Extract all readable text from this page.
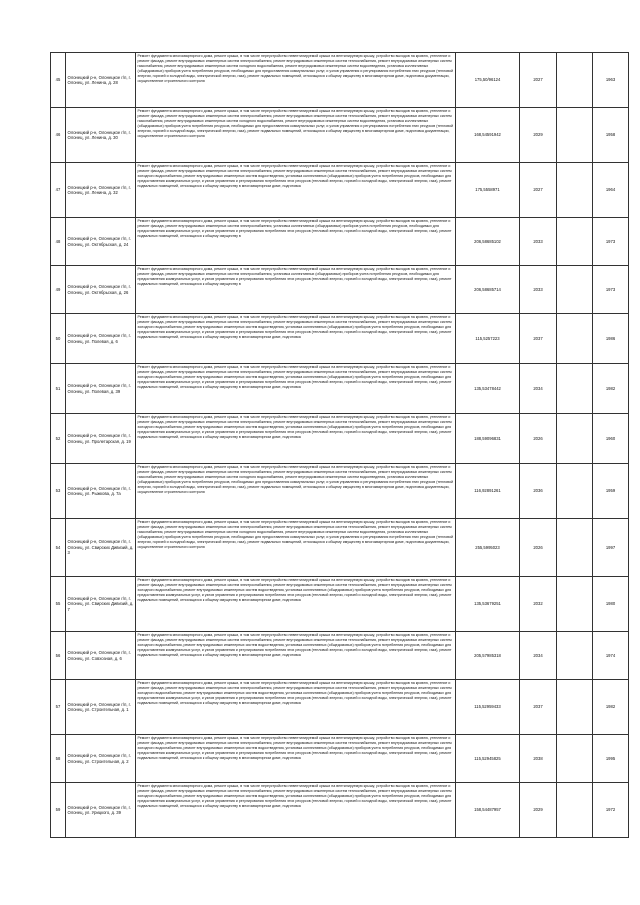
45	Олонецкий р-н, Олонецкое г/п, г. Олонец, ул. Ленина, д. 28	Ремонт фундамента многоквартирного дома, ремонт крыши, в том числе переустройство невентилируемой крыши на вентилируемую крышу, устройство выходов на кровлю, утепление и ремонт фасада, ремонт внутридомовых инженерных систем электроснабжения, ремонт внутридомовых инженерных систем теплоснабжения, ремонт внутридомовых инженерных систем газоснабжения, ремонт внутридомовых инженерных систем холодного водоснабжения, ремонт внутридомовых инженерных систем водоотведения, установка коллективных (общедомовых) приборов учета потребления ресурсов, необходимых для предоставления коммунальных услуг, и узлов управления и регулирования потребления этих ресурсов (тепловой энергии, горячей и холодной воды, электрической энергии, газа), ремонт подвальных помещений, относящихся к общему имуществу в многоквартирном доме, подготовка документации, осуществление строительного контроля	175,50/96124	2027		1963
46	Олонецкий р-н, Олонецкое г/п, г. Олонец, ул. Ленина, д. 30	Ремонт фундамента многоквартирного дома, ремонт крыши, в том числе переустройство невентилируемой крыши на вентилируемую крышу, устройство выходов на кровлю, утепление и ремонт фасада, ремонт внутридомовых инженерных систем электроснабжения, ремонт внутридомовых инженерных систем теплоснабжения, ремонт внутридомовых инженерных систем газоснабжения, ремонт внутридомовых инженерных систем холодного водоснабжения, ремонт внутридомовых инженерных систем водоотведения, установка коллективных (общедомовых) приборов учета потребления ресурсов, необходимых для предоставления коммунальных услуг, и узлов управления и регулирования потребления этих ресурсов (тепловой энергии, горячей и холодной воды, электрической энергии, газа), ремонт подвальных помещений, относящихся к общему имуществу в многоквартирном доме, подготовка документации, осуществление строительного контроля	168,54591942	2029		1958
47	Олонецкий р-н, Олонецкое г/п, г. Олонец, ул. Ленина, д. 32	Ремонт фундамента многоквартирного дома, ремонт крыши, в том числе переустройство невентилируемой крыши на вентилируемую крышу, устройство выходов на кровлю, утепление и ремонт фасада, ремонт внутридомовых инженерных систем электроснабжения, ремонт внутридомовых инженерных систем теплоснабжения, ремонт внутридомовых инженерных систем холодного водоснабжения, ремонт внутридомовых инженерных систем водоотведения, установка коллективных (общедомовых) приборов учета потребления ресурсов, необходимых для предоставления коммунальных услуг, и узлов управления и регулирования потребления этих ресурсов (тепловой энергии, горячей и холодной воды, электрической энергии, газа), ремонт подвальных помещений, относящихся к общему имуществу в многоквартирном доме, подготовка	175,5558971	2027		1964
48	Олонецкий р-н, Олонецкое г/п, г. Олонец, ул. Октябрьская, д. 24	Ремонт фундамента многоквартирного дома, ремонт крыши, в том числе переустройство невентилируемой крыши на вентилируемую крышу, устройство выходов на кровлю, утепление и ремонт фасада, ремонт внутридомовых инженерных систем электроснабжения, установка коллективных (общедомовых) приборов учета потребления ресурсов, необходимых для предоставления коммунальных услуг, и узлов управления и регулирования потребления этих ресурсов (тепловой энергии, горячей и холодной воды, электрической энергии, газа), ремонт подвальных помещений, относящихся к общему имуществу в	206,58685102	2033		1973
49	Олонецкий р-н, Олонецкое г/п, г. Олонец, ул. Октябрьская, д. 26	Ремонт фундамента многоквартирного дома, ремонт крыши, в том числе переустройство невентилируемой крыши на вентилируемую крышу, устройство выходов на кровлю, утепление и ремонт фасада, ремонт внутридомовых инженерных систем электроснабжения, установка коллективных (общедомовых) приборов учета потребления ресурсов, необходимых для предоставления коммунальных услуг, и узлов управления и регулирования потребления этих ресурсов (тепловой энергии, горячей и холодной воды, электрической энергии, газа), ремонт подвальных помещений, относящихся к общему имуществу в	206,58685714	2033		1973
50	Олонецкий р-н, Олонецкое г/п, г. Олонец, ул. Полевая, д. 6	Ремонт фундамента многоквартирного дома, ремонт крыши, в том числе переустройство невентилируемой крыши на вентилируемую крышу, устройство выходов на кровлю, утепление и ремонт фасада, ремонт внутридомовых инженерных систем электроснабжения, ремонт внутридомовых инженерных систем теплоснабжения, ремонт внутридомовых инженерных систем холодного водоснабжения, ремонт внутридомовых инженерных систем водоотведения, установка коллективных (общедомовых) приборов учета потребления ресурсов, необходимых для предоставления коммунальных услуг, и узлов управления и регулирования потребления этих ресурсов (тепловой энергии, горячей и холодной воды, электрической энергии, газа), ремонт подвальных помещений, относящихся к общему имуществу в многоквартирном доме, подготовка	115,5257223	2037		1986
51	Олонецкий р-н, Олонецкое г/п, г. Олонец, ул. Полевая, д. 39	Ремонт фундамента многоквартирного дома, ремонт крыши, в том числе переустройство невентилируемой крыши на вентилируемую крышу, устройство выходов на кровлю, утепление и ремонт фасада, ремонт внутридомовых инженерных систем электроснабжения, ремонт внутридомовых инженерных систем теплоснабжения, ремонт внутридомовых инженерных систем холодного водоснабжения, ремонт внутридомовых инженерных систем водоотведения, установка коллективных (общедомовых) приборов учета потребления ресурсов, необходимых для предоставления коммунальных услуг, и узлов управления и регулирования потребления этих ресурсов (тепловой энергии, горячей и холодной воды, электрической энергии, газа), ремонт подвальных помещений, относящихся к общему имуществу в многоквартирном доме, подготовка	135,53478442	2034		1982
52	Олонецкий р-н, Олонецкое г/п, г. Олонец, ул. Пролетарская, д. 19	Ремонт фундамента многоквартирного дома, ремонт крыши, в том числе переустройство невентилируемой крыши на вентилируемую крышу, устройство выходов на кровлю, утепление и ремонт фасада, ремонт внутридомовых инженерных систем электроснабжения, ремонт внутридомовых инженерных систем теплоснабжения, ремонт внутридомовых инженерных систем холодного водоснабжения, ремонт внутридомовых инженерных систем водоотведения, установка коллективных (общедомовых) приборов учета потребления ресурсов, необходимых для предоставления коммунальных услуг, и узлов управления и регулирования потребления этих ресурсов (тепловой энергии, горячей и холодной воды, электрической энергии, газа), ремонт подвальных помещений, относящихся к общему имуществу в многоквартирном доме, подготовка	188,59096831	2026		1960
53	Олонецкий р-н, Олонецкое г/п, г. Олонец, ул. Рыжкова, д. 7а	Ремонт фундамента многоквартирного дома, ремонт крыши, в том числе переустройство невентилируемой крыши на вентилируемую крышу, устройство выходов на кровлю, утепление и ремонт фасада, ремонт внутридомовых инженерных систем электроснабжения, ремонт внутридомовых инженерных систем теплоснабжения, ремонт внутридомовых инженерных систем газоснабжения, ремонт внутридомовых инженерных систем холодного водоснабжения, ремонт внутридомовых инженерных систем водоотведения, установка коллективных (общедомовых) приборов учета потребления ресурсов, необходимых для предоставления коммунальных услуг, и узлов управления и регулирования потребления этих ресурсов (тепловой энергии, горячей и холодной воды, электрической энергии, газа), ремонт подвальных помещений, относящихся к общему имуществу в многоквартирном доме, подготовка документации, осуществление строительного контроля	116,92891261	2036		1959
54	Олонецкий р-н, Олонецкое г/п, г. Олонец, ул. Свирских Дивизий, д. 3	Ремонт фундамента многоквартирного дома, ремонт крыши, в том числе переустройство невентилируемой крыши на вентилируемую крышу, устройство выходов на кровлю, утепление и ремонт фасада, ремонт внутридомовых инженерных систем электроснабжения, ремонт внутридомовых инженерных систем теплоснабжения, ремонт внутридомовых инженерных систем газоснабжения, ремонт внутридомовых инженерных систем холодного водоснабжения, ремонт внутридомовых инженерных систем водоотведения, установка коллективных (общедомовых) приборов учета потребления ресурсов, необходимых для предоставления коммунальных услуг, и узлов управления и регулирования потребления этих ресурсов (тепловой энергии, горячей и холодной воды, электрической энергии, газа), ремонт подвальных помещений, относящихся к общему имуществу в многоквартирном доме, подготовка документации, осуществление строительного контроля	255,5995023	2026		1997
55	Олонецкий р-н, Олонецкое г/п, г. Олонец, ул. Свирских Дивизий, д. 7	Ремонт фундамента многоквартирного дома, ремонт крыши, в том числе переустройство невентилируемой крыши на вентилируемую крышу, устройство выходов на кровлю, утепление и ремонт фасада, ремонт внутридомовых инженерных систем электроснабжения, ремонт внутридомовых инженерных систем теплоснабжения, ремонт внутридомовых инженерных систем холодного водоснабжения, ремонт внутридомовых инженерных систем водоотведения, установка коллективных (общедомовых) приборов учета потребления ресурсов, необходимых для предоставления коммунальных услуг, и узлов управления и регулирования потребления этих ресурсов (тепловой энергии, горячей и холодной воды, электрической энергии, газа), ремонт подвальных помещений, относящихся к общему имуществу в многоквартирном доме, подготовка	135,53679251	2032		1980
56	Олонецкий р-н, Олонецкое г/п, г. Олонец, ул. Совхозная, д. 6	Ремонт фундамента многоквартирного дома, ремонт крыши, в том числе переустройство невентилируемой крыши на вентилируемую крышу, устройство выходов на кровлю, утепление и ремонт фасада, ремонт внутридомовых инженерных систем электроснабжения, ремонт внутридомовых инженерных систем теплоснабжения, ремонт внутридомовых инженерных систем холодного водоснабжения, ремонт внутридомовых инженерных систем водоотведения, установка коллективных (общедомовых) приборов учета потребления ресурсов, необходимых для предоставления коммунальных услуг, и узлов управления и регулирования потребления этих ресурсов (тепловой энергии, горячей и холодной воды, электрической энергии, газа), ремонт подвальных помещений, относящихся к общему имуществу в многоквартирном доме, подготовка	205,57985318	2034		1974
57	Олонецкий р-н, Олонецкое г/п, г. Олонец, ул. Строительная, д. 1	Ремонт фундамента многоквартирного дома, ремонт крыши, в том числе переустройство невентилируемой крыши на вентилируемую крышу, устройство выходов на кровлю, утепление и ремонт фасада, ремонт внутридомовых инженерных систем электроснабжения, ремонт внутридомовых инженерных систем теплоснабжения, ремонт внутридомовых инженерных систем холодного водоснабжения, ремонт внутридомовых инженерных систем водоотведения, установка коллективных (общедомовых) приборов учета потребления ресурсов, необходимых для предоставления коммунальных услуг, и узлов управления и регулирования потребления этих ресурсов (тепловой энергии, горячей и холодной воды, электрической энергии, газа), ремонт подвальных помещений, относящихся к общему имуществу в многоквартирном доме, подготовка	115,52959433	2037		1982
58	Олонецкий р-н, Олонецкое г/п, г. Олонец, ул. Строительная, д. 2	Ремонт фундамента многоквартирного дома, ремонт крыши, в том числе переустройство невентилируемой крыши на вентилируемую крышу, устройство выходов на кровлю, утепление и ремонт фасада, ремонт внутридомовых инженерных систем электроснабжения, ремонт внутридомовых инженерных систем теплоснабжения, ремонт внутридомовых инженерных систем холодного водоснабжения, ремонт внутридомовых инженерных систем водоотведения, установка коллективных (общедомовых) приборов учета потребления ресурсов, необходимых для предоставления коммунальных услуг, и узлов управления и регулирования потребления этих ресурсов (тепловой энергии, горячей и холодной воды, электрической энергии, газа), ремонт подвальных помещений, относящихся к общему имуществу в многоквартирном доме, подготовка	115,52945825	2038		1995
59	Олонецкий р-н, Олонецкое г/п, г. Олонец, ул. Урицкого, д. 39	Ремонт фундамента многоквартирного дома, ремонт крыши, в том числе переустройство невентилируемой крыши на вентилируемую крышу, устройство выходов на кровлю, утепление и ремонт фасада, ремонт внутридомовых инженерных систем электроснабжения, ремонт внутридомовых инженерных систем теплоснабжения, ремонт внутридомовых инженерных систем холодного водоснабжения, ремонт внутридомовых инженерных систем водоотведения, установка коллективных (общедомовых) приборов учета потребления ресурсов, необходимых для предоставления коммунальных услуг, и узлов управления и регулирования потребления этих ресурсов (тепловой энергии, горячей и холодной воды, электрической энергии, газа), ремонт подвальных помещений, относящихся к общему имуществу в многоквартирном доме, подготовка	158,54487957	2029		1972
